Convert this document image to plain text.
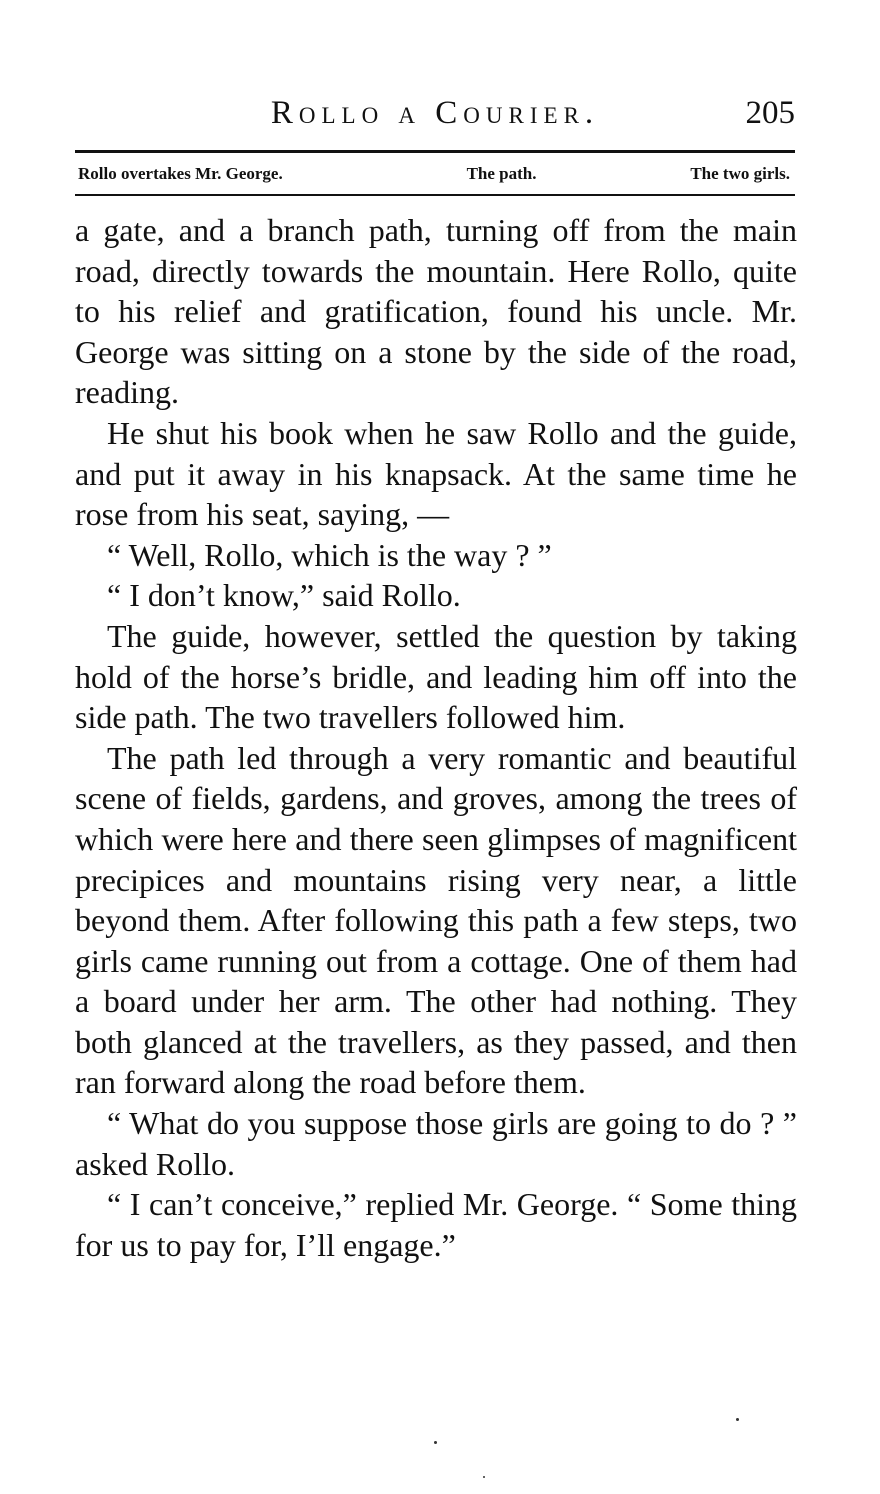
Rollo a Courier.	205
Rollo overtakes Mr. George.	The path.	The two girls.

a gate, and a branch path, turning off from the main road, directly towards the mountain. Here Rollo, quite to his relief and gratification, found his uncle. Mr. George was sitting on a stone by the side of the road, reading.

He shut his book when he saw Rollo and the guide, and put it away in his knapsack. At the same time he rose from his seat, saying, —

“ Well, Rollo, which is the way ? ”

“ I don’t know,” said Rollo.

The guide, however, settled the question by taking hold of the horse’s bridle, and leading him off into the side path. The two travellers followed him.

The path led through a very romantic and beautiful scene of fields, gardens, and groves, among the trees of which were here and there seen glimpses of magnificent precipices and mountains rising very near, a little beyond them. After following this path a few steps, two girls came running out from a cottage. One of them had a board under her arm. The other had nothing. They both glanced at the travellers, as they passed, and then ran forward along the road before them.

“ What do you suppose those girls are going to do ? ” asked Rollo.

“ I can’t conceive,” replied Mr. George. “ Some thing for us to pay for, I’ll engage.”
